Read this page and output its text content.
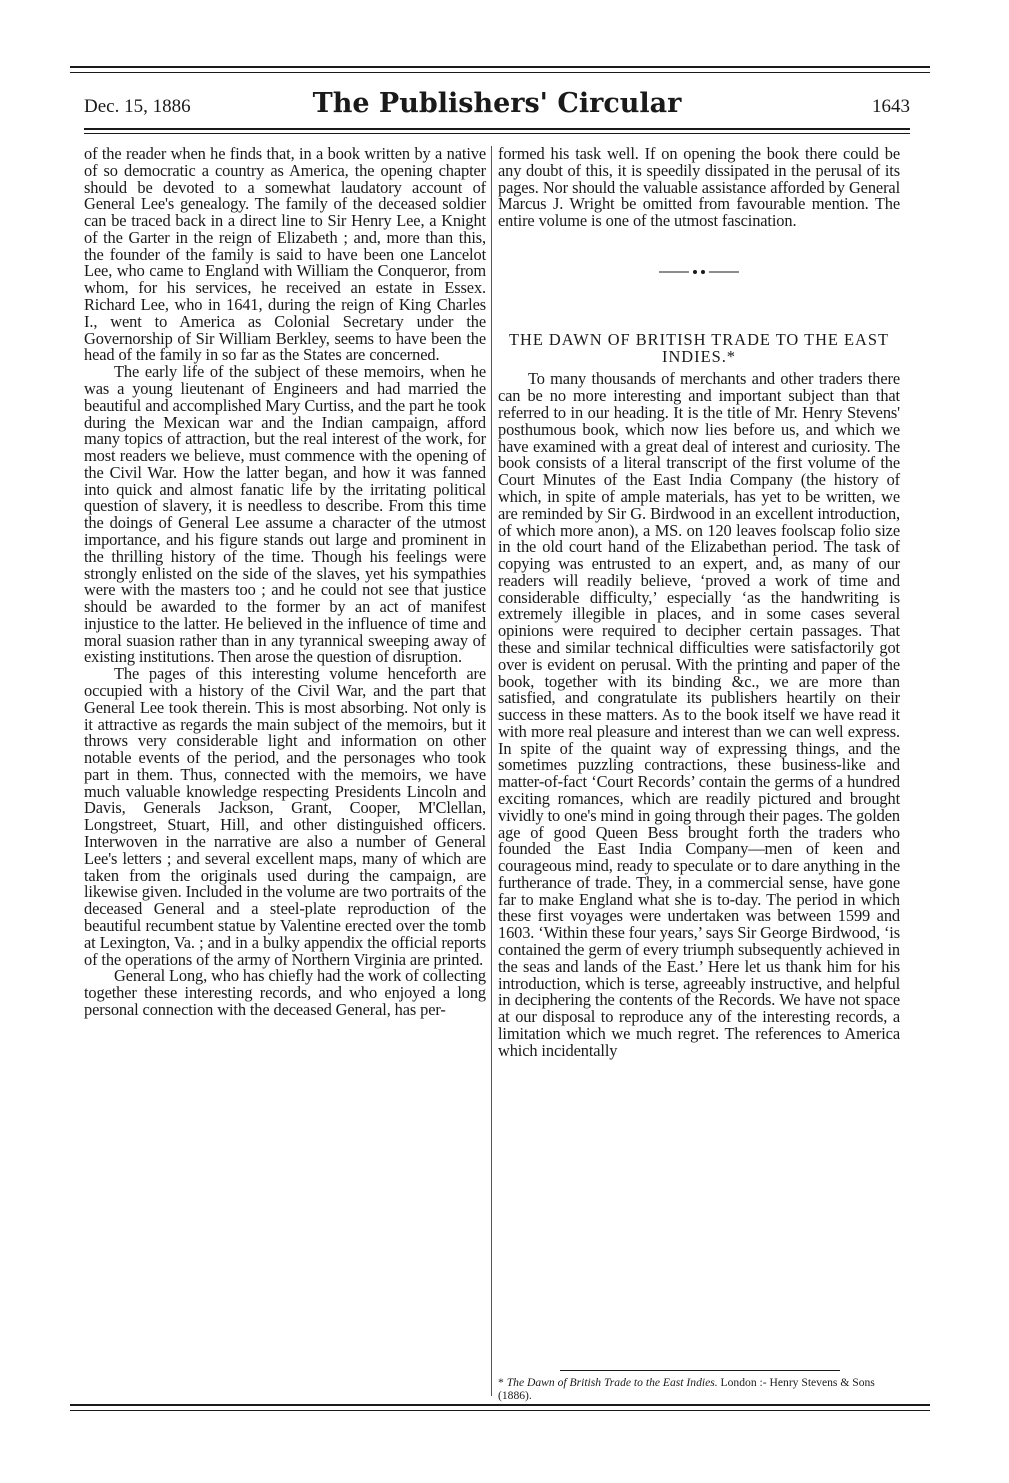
Dec. 15, 1886	The Publishers' Circular	1643

of the reader when he finds that, in a book written by a native of so democratic a country as America, the opening chapter should be devoted to a somewhat laudatory account of General Lee's genealogy. The family of the deceased soldier can be traced back in a direct line to Sir Henry Lee, a Knight of the Garter in the reign of Elizabeth ; and, more than this, the founder of the family is said to have been one Lancelot Lee, who came to England with William the Conqueror, from whom, for his services, he received an estate in Essex. Richard Lee, who in 1641, during the reign of King Charles I., went to America as Colonial Secretary under the Governorship of Sir William Berkley, seems to have been the head of the family in so far as the States are concerned.

The early life of the subject of these memoirs, when he was a young lieutenant of Engineers and had married the beautiful and accomplished Mary Curtiss, and the part he took during the Mexican war and the Indian campaign, afford many topics of attraction, but the real interest of the work, for most readers we believe, must commence with the opening of the Civil War. How the latter began, and how it was fanned into quick and almost fanatic life by the irritating political question of slavery, it is needless to describe. From this time the doings of General Lee assume a character of the utmost importance, and his figure stands out large and prominent in the thrilling history of the time. Though his feelings were strongly enlisted on the side of the slaves, yet his sympathies were with the masters too ; and he could not see that justice should be awarded to the former by an act of manifest injustice to the latter. He believed in the influence of time and moral suasion rather than in any tyrannical sweeping away of existing institutions. Then arose the question of disruption.

The pages of this interesting volume henceforth are occupied with a history of the Civil War, and the part that General Lee took therein. This is most absorbing. Not only is it attractive as regards the main subject of the memoirs, but it throws very considerable light and information on other notable events of the period, and the personages who took part in them. Thus, connected with the memoirs, we have much valuable knowledge respecting Presidents Lincoln and Davis, Generals Jackson, Grant, Cooper, M'Clellan, Longstreet, Stuart, Hill, and other distinguished officers. Interwoven in the narrative are also a number of General Lee's letters ; and several excellent maps, many of which are taken from the originals used during the campaign, are likewise given. Included in the volume are two portraits of the deceased General and a steel-plate reproduction of the beautiful recumbent statue by Valentine erected over the tomb at Lexington, Va. ; and in a bulky appendix the official reports of the operations of the army of Northern Virginia are printed.

General Long, who has chiefly had the work of collecting together these interesting records, and who enjoyed a long personal connection with the deceased General, has per-

formed his task well. If on opening the book there could be any doubt of this, it is speedily dissipated in the perusal of its pages. Nor should the valuable assistance afforded by General Marcus J. Wright be omitted from favourable mention. The entire volume is one of the utmost fascination.

THE DAWN OF BRITISH TRADE TO THE EAST INDIES.*

To many thousands of merchants and other traders there can be no more interesting and important subject than that referred to in our heading. It is the title of Mr. Henry Stevens' posthumous book, which now lies before us, and which we have examined with a great deal of interest and curiosity. The book consists of a literal transcript of the first volume of the Court Minutes of the East India Company (the history of which, in spite of ample materials, has yet to be written, we are reminded by Sir G. Birdwood in an excellent introduction, of which more anon), a MS. on 120 leaves foolscap folio size in the old court hand of the Elizabethan period. The task of copying was entrusted to an expert, and, as many of our readers will readily believe, ‘proved a work of time and considerable difficulty,’ especially ‘as the handwriting is extremely illegible in places, and in some cases several opinions were required to decipher certain passages. That these and similar technical difficulties were satisfactorily got over is evident on perusal. With the printing and paper of the book, together with its binding &c., we are more than satisfied, and congratulate its publishers heartily on their success in these matters. As to the book itself we have read it with more real pleasure and interest than we can well express. In spite of the quaint way of expressing things, and the sometimes puzzling contractions, these business-like and matter-of-fact ‘Court Records’ contain the germs of a hundred exciting romances, which are readily pictured and brought vividly to one's mind in going through their pages. The golden age of good Queen Bess brought forth the traders who founded the East India Company—men of keen and courageous mind, ready to speculate or to dare anything in the furtherance of trade. They, in a commercial sense, have gone far to make England what she is to-day. The period in which these first voyages were undertaken was between 1599 and 1603. ‘Within these four years,’ says Sir George Birdwood, ‘is contained the germ of every triumph subsequently achieved in the seas and lands of the East.’ Here let us thank him for his introduction, which is terse, agreeably instructive, and helpful in deciphering the contents of the Records. We have not space at our disposal to reproduce any of the interesting records, a limitation which we much regret. The references to America which incidentally

* The Dawn of British Trade to the East Indies. London :- Henry Stevens & Sons (1886).
